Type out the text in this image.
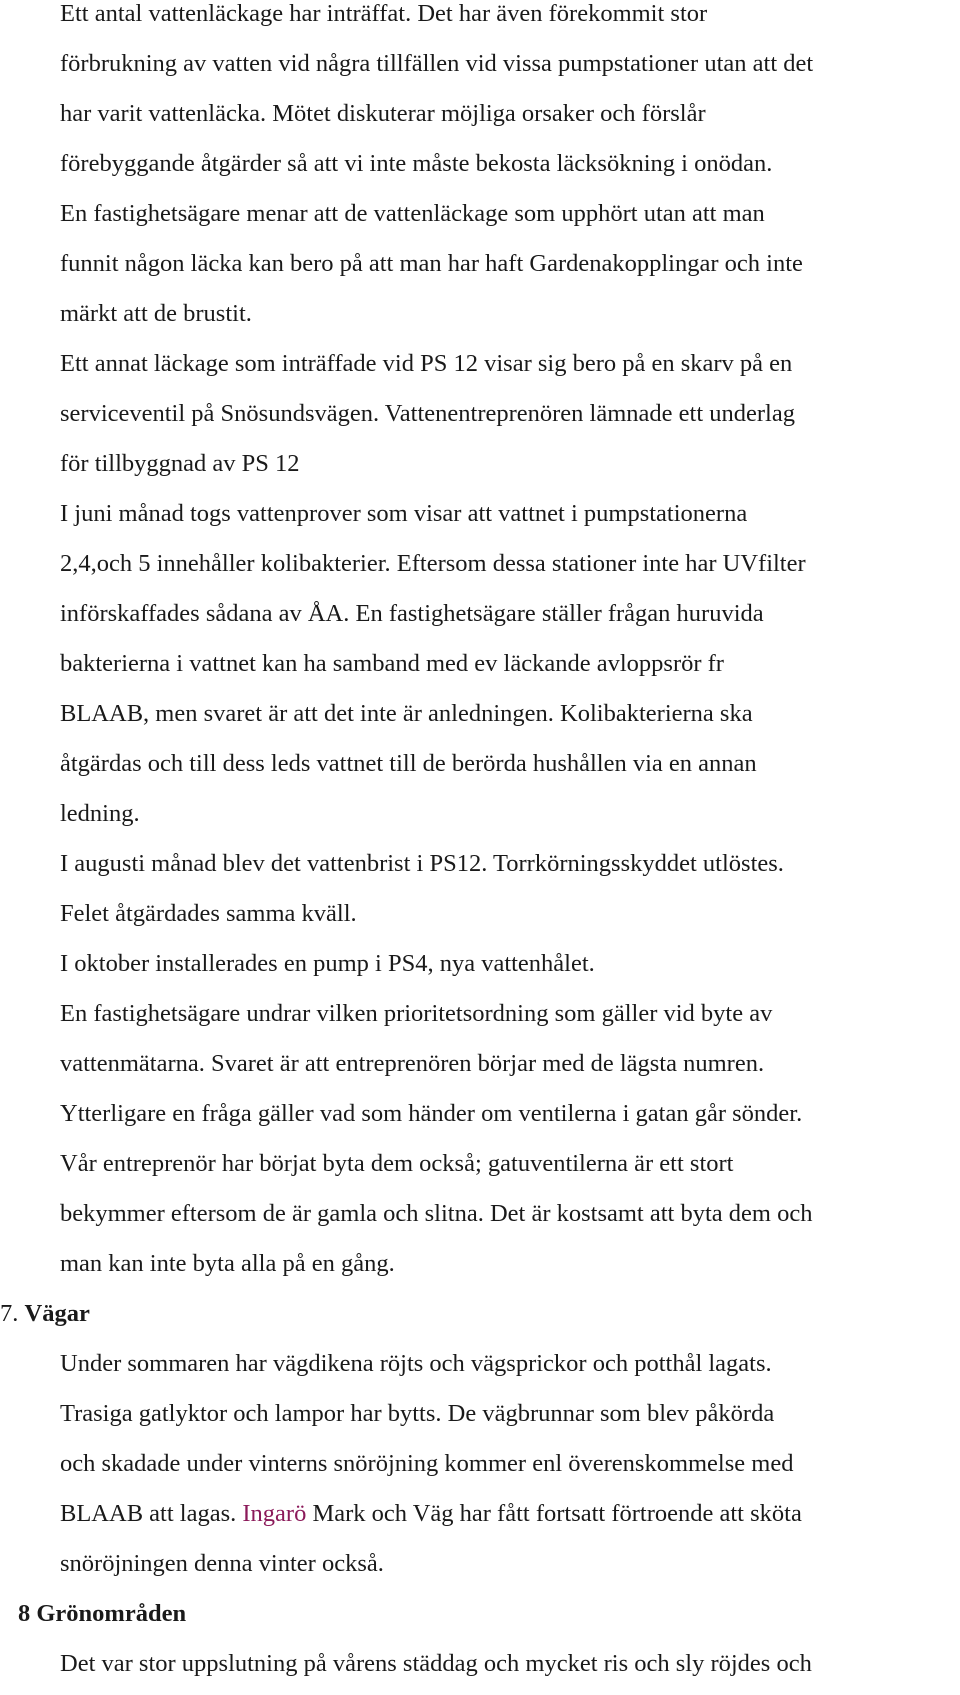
Ett antal vattenläckage har inträffat. Det har även förekommit stor
förbrukning av vatten vid några tillfällen vid vissa pumpstationer utan att det
har varit vattenläcka. Mötet diskuterar möjliga orsaker och förslår
förebyggande åtgärder så att vi inte måste bekosta läcksökning i onödan.
En fastighetsägare menar att de vattenläckage som upphört utan att man
funnit någon läcka kan bero på att man har haft Gardenakopplingar och inte
märkt att de brustit.
Ett annat läckage som inträffade vid PS 12 visar sig bero på en skarv på en
serviceventil på Snösundsvägen. Vattenentreprenören lämnade ett underlag
för tillbyggnad av PS 12
I juni månad togs vattenprover som visar att vattnet i pumpstationerna
2,4,och 5 innehåller kolibakterier. Eftersom dessa stationer inte har UVfilter
införskaffades sådana av ÅA. En fastighetsägare ställer frågan huruvida
bakterierna i vattnet kan ha samband med ev läckande avloppsrör fr
BLAAB, men svaret är att det inte är anledningen. Kolibakterierna ska
åtgärdas och till dess leds vattnet till de berörda hushållen via en annan
ledning.
I augusti månad blev det vattenbrist i PS12. Torrkörningsskyddet utlöstes.
Felet åtgärdades samma kväll.
I oktober installerades en pump i PS4, nya vattenhålet.
En fastighetsägare undrar vilken prioritetsordning som gäller vid byte av
vattenmätarna. Svaret är att entreprenören börjar med de lägsta numren.
Ytterligare en fråga gäller vad som händer om ventilerna i gatan går sönder.
Vår entreprenör har börjat byta dem också; gatuventilerna är ett stort
bekymmer eftersom de är gamla och slitna. Det är kostsamt att byta dem och
man kan inte byta alla på en gång.
7. Vägar
Under sommaren har vägdikena röjts och vägsprickor och potthål lagats.
Trasiga gatlyktor och lampor har bytts. De vägbrunnar som blev påkörda
och skadade under vinterns snöröjning kommer enl överenskommelse med
BLAAB att lagas. Ingarö Mark och Väg har fått fortsatt förtroende att sköta
snöröjningen denna vinter också.
8 Grönområden
Det var stor uppslutning på vårens städdag och mycket ris och sly röjdes och
